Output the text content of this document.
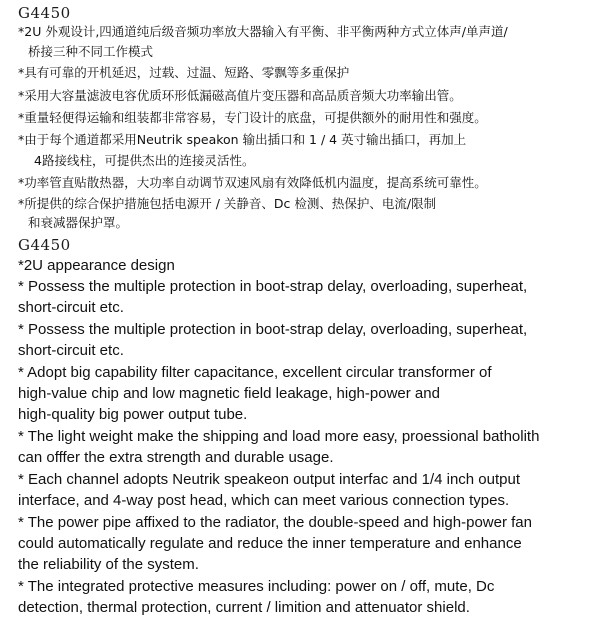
G4450
*2U 外观设计,四通道纯后级音频功率放大器输入有平衡、非平衡两种方式立体声/单声道/
桥接三种不同工作模式
*具有可靠的开机延迟，过载、过温、短路、零飘等多重保护
*采用大容量滤波电容优质环形低漏磁高值片变压器和高品质音频大功率输出管。
*重量轻便得运输和组装都非常容易，专门设计的底盘，可提供额外的耐用性和强度。
*由于每个通道都采用Neutrik speakon 输出插口和 1 / 4 英寸输出插口，再加上
4路接线柱，可提供杰出的连接灵活性。
*功率管直贴散热器，大功率自动调节双速风扇有效降低机内温度，提高系统可靠性。
*所提供的综合保护措施包括电源开 / 关静音、Dc 检测、热保护、电流/限制
和衰减器保护罩。
G4450
*2U appearance design
* Possess the multiple protection in boot-strap delay, overloading, superheat,
short-circuit etc.
* Possess the multiple protection in boot-strap delay, overloading, superheat,
short-circuit etc.
* Adopt big capability filter capacitance, excellent circular transformer of
high-value chip and low magnetic field leakage, high-power and
high-quality big power output tube.
* The light weight make the shipping and load more easy, proessional batholith
can offfer the extra strength and durable usage.
* Each channel adopts Neutrik speakeon output interfac and 1/4 inch output
interface, and 4-way post head, which can meet various connection types.
* The power pipe affixed to the radiator, the double-speed and high-power fan
could automatically regulate and reduce the inner temperature and enhance
the reliability of the system.
* The integrated protective measures including: power on / off, mute, Dc
detection, thermal protection, current / limition and attenuator shield.
